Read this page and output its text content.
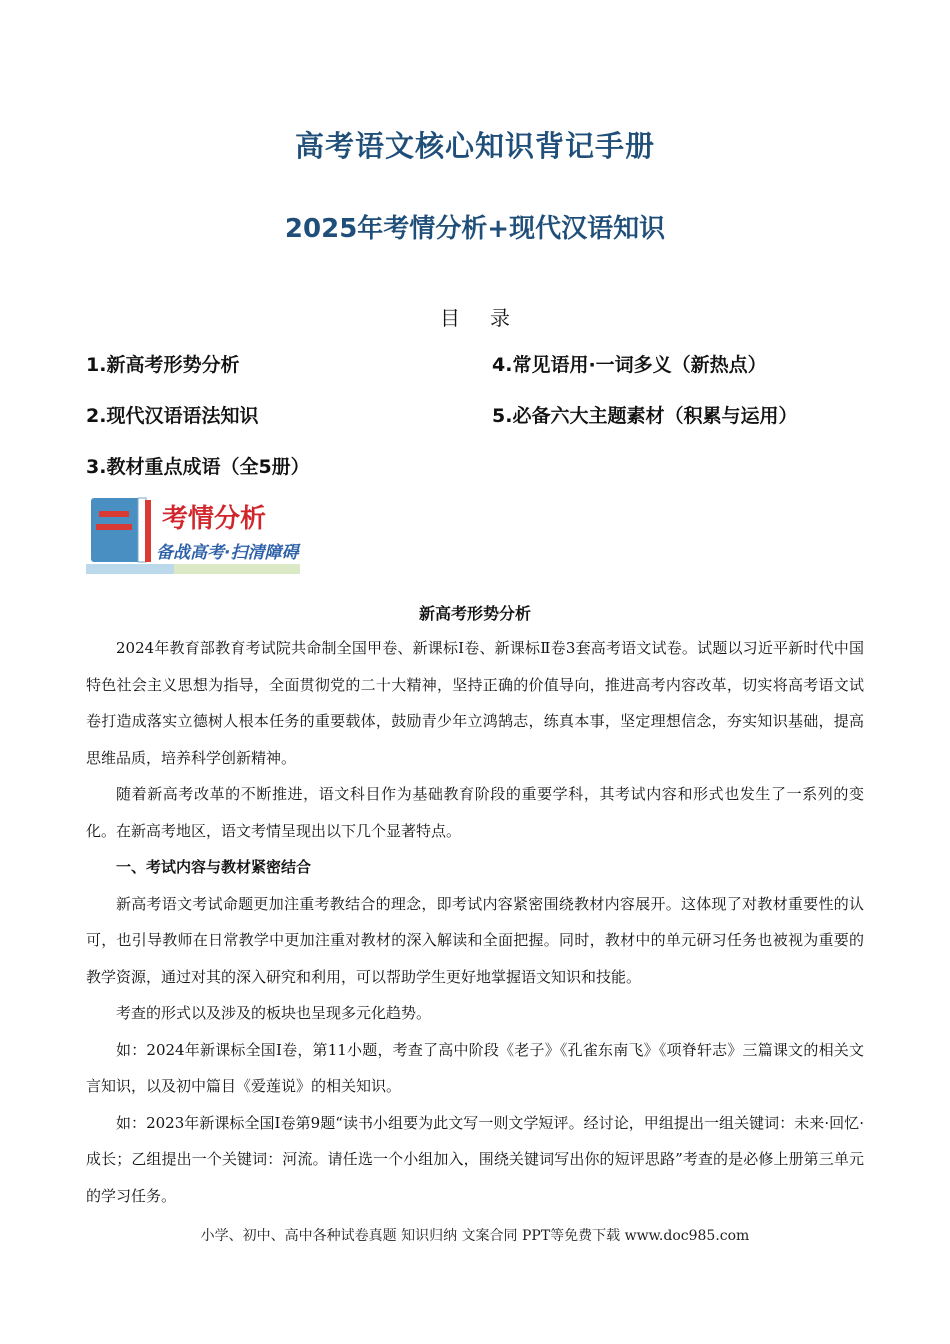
高考语文核心知识背记手册
2025年考情分析+现代汉语知识
目录
1.新高考形势分析	4.常见语用·一词多义（新热点）
2.现代汉语语法知识	5.必备六大主题素材（积累与运用）
3.教材重点成语（全5册）
考情分析
备战高考·扫清障碍
新高考形势分析

2024年教育部教育考试院共命制全国甲卷、新课标Ⅰ卷、新课标Ⅱ卷3套高考语文试卷。试题以习近平新时代中国特色社会主义思想为指导，全面贯彻党的二十大精神，坚持正确的价值导向，推进高考内容改革，切实将高考语文试卷打造成落实立德树人根本任务的重要载体，鼓励青少年立鸿鹄志，练真本事，坚定理想信念，夯实知识基础，提高思维品质，培养科学创新精神。

随着新高考改革的不断推进，语文科目作为基础教育阶段的重要学科，其考试内容和形式也发生了一系列的变化。在新高考地区，语文考情呈现出以下几个显著特点。

一、考试内容与教材紧密结合

新高考语文考试命题更加注重考教结合的理念，即考试内容紧密围绕教材内容展开。这体现了对教材重要性的认可，也引导教师在日常教学中更加注重对教材的深入解读和全面把握。同时，教材中的单元研习任务也被视为重要的教学资源，通过对其的深入研究和利用，可以帮助学生更好地掌握语文知识和技能。

考查的形式以及涉及的板块也呈现多元化趋势。

如：2024年新课标全国Ⅰ卷，第11小题，考查了高中阶段《老子》《孔雀东南飞》《项脊轩志》三篇课文的相关文言知识，以及初中篇目《爱莲说》的相关知识。

如：2023年新课标全国Ⅰ卷第9题“读书小组要为此文写一则文学短评。经讨论，甲组提出一组关键词：未来·回忆·成长；乙组提出一个关键词：河流。请任选一个小组加入，围绕关键词写出你的短评思路”考查的是必修上册第三单元的学习任务。

小学、初中、高中各种试卷真题 知识归纳 文案合同 PPT等免费下载 www.doc985.com
